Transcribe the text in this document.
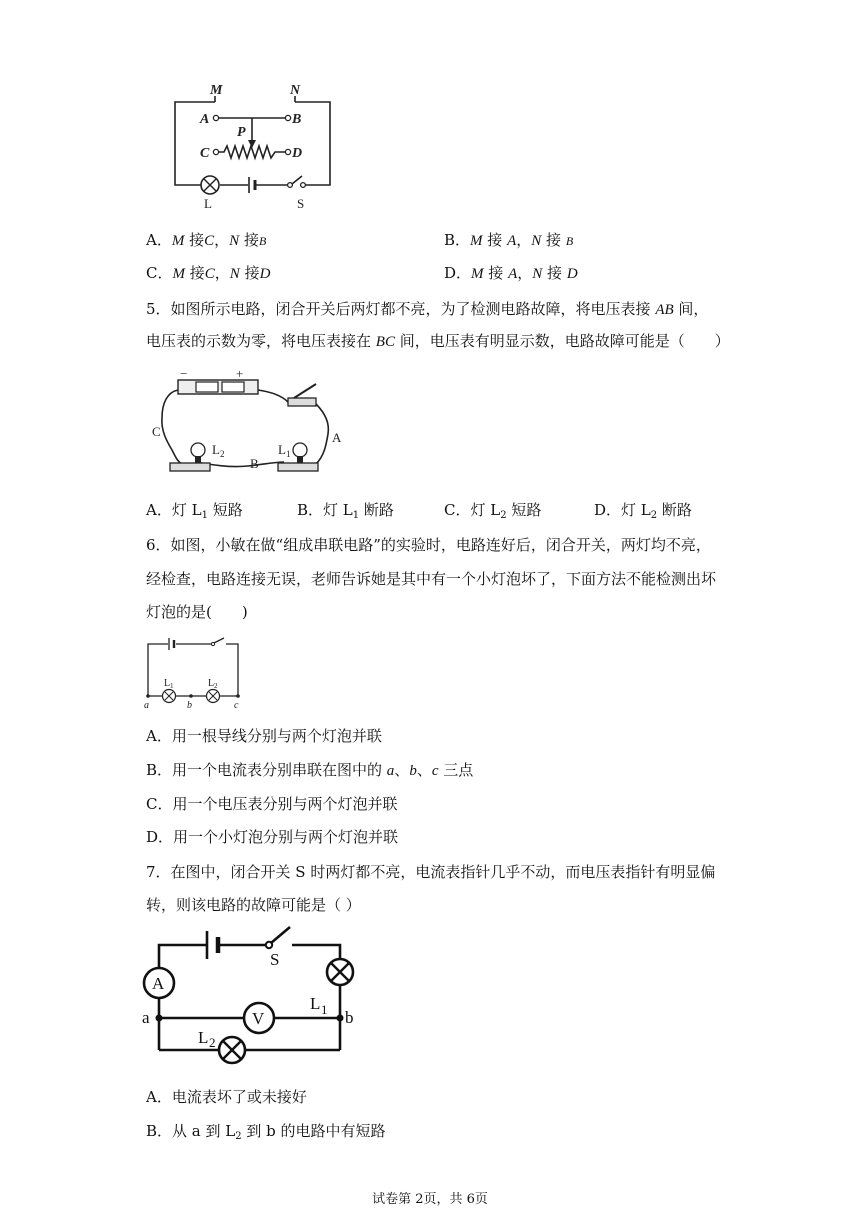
M	N
A	B
P
C	D
L	S
A．M 接C，N 接B	B．M 接 A，N 接 B
C．M 接C，N 接D	D．M 接 A，N 接 D
5．如图所示电路，闭合开关后两灯都不亮，为了检测电路故障，将电压表接 AB 间，
电压表的示数为零，将电压表接在 BC 间，电压表有明显示数，电路故障可能是（　　）
−	+
C	A
B
L 2	L 1
A．灯 $L_1$ 短路	B．灯 $L_1$ 断路	C．灯 $L_2$ 短路	D．灯 $L_2$ 断路
6．如图，小敏在做“组成串联电路”的实验时，电路连好后，闭合开关，两灯均不亮，
经检查，电路连接无误，老师告诉她是其中有一个小灯泡坏了，下面方法不能检测出坏
灯泡的是(　　)
L 1	L 2
a	b	c
A．用一根导线分别与两个灯泡并联
B．用一个电流表分别串联在图中的 a、b、c 三点
C．用一个电压表分别与两个灯泡并联
D．用一个小灯泡分别与两个灯泡并联
7．在图中，闭合开关 S 时两灯都不亮，电流表指针几乎不动，而电压表指针有明显偏
转，则该电路的故障可能是（ ）
S
A
V
L 1
L 2
a	b
A．电流表坏了或未接好
B．从 a 到 $L_2$ 到 b 的电路中有短路
试卷第 2页，共 6页
